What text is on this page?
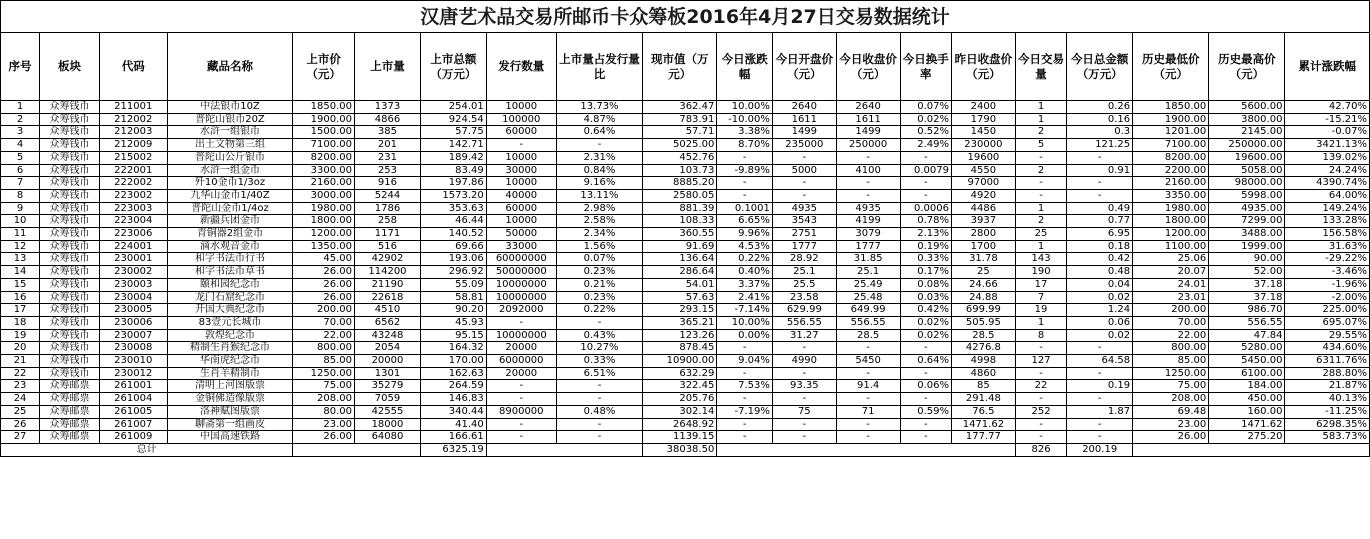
汉唐艺术品交易所邮币卡众筹板2016年4月27日交易数据统计
序号	板块	代码	藏品名称	上市价（元）	上市量	上市总额（万元）	发行数量	上市量占发行量比	现市值（万元）	今日涨跌幅	今日开盘价（元）	今日收盘价（元）	今日换手率	昨日收盘价（元）	今日交易量	今日总金额（万元）	历史最低价（元）	历史最高价（元）	累计涨跌幅
1	众筹钱币	211001	中法银币10Z	1850.00	1373	254.01	10000	13.73%	362.47	10.00%	2640	2640	0.07%	2400	1	0.26	1850.00	5600.00	42.70%
2	众筹钱币	212002	普陀山银币20Z	1900.00	4866	924.54	100000	4.87%	783.91	-10.00%	1611	1611	0.02%	1790	1	0.16	1900.00	3800.00	-15.21%
3	众筹钱币	212003	水浒一组银币	1500.00	385	57.75	60000	0.64%	57.71	3.38%	1499	1499	0.52%	1450	2	0.3	1201.00	2145.00	-0.07%
4	众筹钱币	212009	出土文物第三组	7100.00	201	142.71	-	-	5025.00	8.70%	235000	250000	2.49%	230000	5	121.25	7100.00	250000.00	3421.13%
5	众筹钱币	215002	普陀山公斤银币	8200.00	231	189.42	10000	2.31%	452.76	-	-	-	-	19600	-	-	8200.00	19600.00	139.02%
6	众筹钱币	222001	水浒一组金币	3300.00	253	83.49	30000	0.84%	103.73	-9.89%	5000	4100	0.0079	4550	2	0.91	2200.00	5058.00	24.24%
7	众筹钱币	222002	歼10金币1/3oz	2160.00	916	197.86	10000	9.16%	8885.20	-	-	-	-	97000	-	-	2160.00	98000.00	4390.74%
8	众筹钱币	223002	九华山金币1/40Z	3000.00	5244	1573.20	40000	13.11%	2580.05	-	-	-	-	4920	-	-	3350.00	5998.00	64.00%
9	众筹钱币	223003	普陀山金币1/4oz	1980.00	1786	353.63	60000	2.98%	881.39	0.1001	4935	4935	0.0006	4486	1	0.49	1980.00	4935.00	149.24%
10	众筹钱币	223004	新疆兵团金币	1800.00	258	46.44	10000	2.58%	108.33	6.65%	3543	4199	0.78%	3937	2	0.77	1800.00	7299.00	133.28%
11	众筹钱币	223006	青铜器2组金币	1200.00	1171	140.52	50000	2.34%	360.55	9.96%	2751	3079	2.13%	2800	25	6.95	1200.00	3488.00	156.58%
12	众筹钱币	224001	滴水观音金币	1350.00	516	69.66	33000	1.56%	91.69	4.53%	1777	1777	0.19%	1700	1	0.18	1100.00	1999.00	31.63%
13	众筹钱币	230001	和字书法币行书	45.00	42902	193.06	60000000	0.07%	136.64	0.22%	28.92	31.85	0.33%	31.78	143	0.42	25.06	90.00	-29.22%
14	众筹钱币	230002	和字书法币草书	26.00	114200	296.92	50000000	0.23%	286.64	0.40%	25.1	25.1	0.17%	25	190	0.48	20.07	52.00	-3.46%
15	众筹钱币	230003	颐和园纪念币	26.00	21190	55.09	10000000	0.21%	54.01	3.37%	25.5	25.49	0.08%	24.66	17	0.04	24.01	37.18	-1.96%
16	众筹钱币	230004	龙门石窟纪念币	26.00	22618	58.81	10000000	0.23%	57.63	2.41%	23.58	25.48	0.03%	24.88	7	0.02	23.01	37.18	-2.00%
17	众筹钱币	230005	开国大典纪念币	200.00	4510	90.20	2092000	0.22%	293.15	-7.14%	629.99	649.99	0.42%	699.99	19	1.24	200.00	986.70	225.00%
18	众筹钱币	230006	83壹元长城币	70.00	6562	45.93	-	-	365.21	10.00%	556.55	556.55	0.02%	505.95	1	0.06	70.00	556.55	695.07%
19	众筹钱币	230007	敦煌纪念币	22.00	43248	95.15	10000000	0.43%	123.26	0.00%	31.27	28.5	0.02%	28.5	8	0.02	22.00	47.84	29.55%
20	众筹钱币	230008	精制生肖猴纪念币	800.00	2054	164.32	20000	10.27%	878.45	-	-	-	-	4276.8	-	-	800.00	5280.00	434.60%
21	众筹钱币	230010	华南虎纪念币	85.00	20000	170.00	6000000	0.33%	10900.00	9.04%	4990	5450	0.64%	4998	127	64.58	85.00	5450.00	6311.76%
22	众筹钱币	230012	生肖羊精制币	1250.00	1301	162.63	20000	6.51%	632.29	-	-	-	-	4860	-	-	1250.00	6100.00	288.80%
23	众筹邮票	261001	清明上河图版票	75.00	35279	264.59	-	-	322.45	7.53%	93.35	91.4	0.06%	85	22	0.19	75.00	184.00	21.87%
24	众筹邮票	261004	金铜佛造像版票	208.00	7059	146.83	-	-	205.76	-	-	-	-	291.48	-	-	208.00	450.00	40.13%
25	众筹邮票	261005	洛神赋图版票	80.00	42555	340.44	8900000	0.48%	302.14	-7.19%	75	71	0.59%	76.5	252	1.87	69.48	160.00	-11.25%
26	众筹邮票	261007	聊斋第一组画皮	23.00	18000	41.40	-	-	2648.92	-	-	-	-	1471.62	-	-	23.00	1471.62	6298.35%
27	众筹邮票	261009	中国高速铁路	26.00	64080	166.61	-	-	1139.15	-	-	-	-	177.77	-	-	26.00	275.20	583.73%
总计						6325.19			38038.50						826	200.19			
